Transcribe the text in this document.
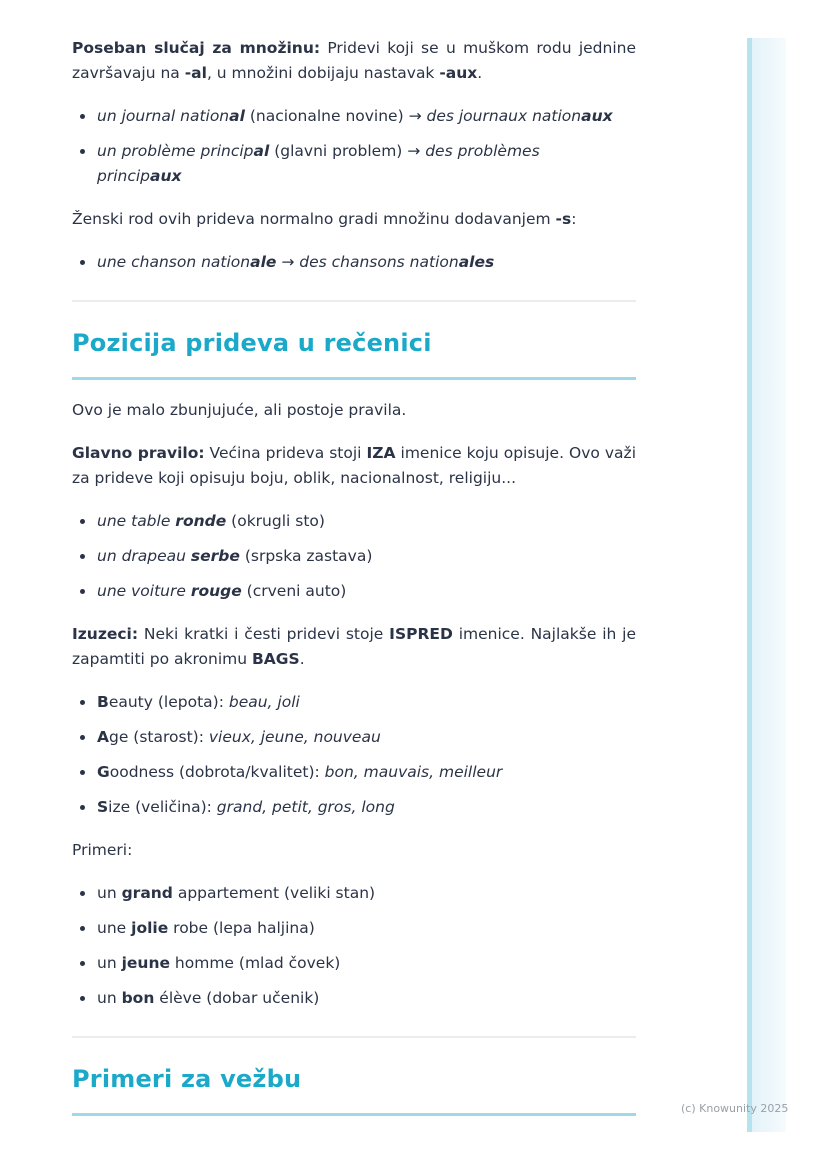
Poseban slučaj za množinu: Pridevi koji se u muškom rodu jednine završavaju na -al, u množini dobijaju nastavak -aux.

un journal national (nacionalne novine) → des journaux nationaux
un problème principal (glavni problem) → des problèmes
principaux

Ženski rod ovih prideva normalno gradi množinu dodavanjem -s:

une chanson nationale → des chansons nationales
Pozicija prideva u rečenici

Ovo je malo zbunjujuće, ali postoje pravila.

Glavno pravilo: Većina prideva stoji IZA imenice koju opisuje. Ovo važi za prideve koji opisuju boju, oblik, nacionalnost, religiju...

une table ronde (okrugli sto)
un drapeau serbe (srpska zastava)
une voiture rouge (crveni auto)

Izuzeci: Neki kratki i česti pridevi stoje ISPRED imenice. Najlakše ih je zapamtiti po akronimu BAGS.

Beauty (lepota): beau, joli
Age (starost): vieux, jeune, nouveau
Goodness (dobrota/kvalitet): bon, mauvais, meilleur
Size (veličina): grand, petit, gros, long

Primeri:

un grand appartement (veliki stan)
une jolie robe (lepa haljina)
un jeune homme (mlad čovek)
un bon élève (dobar učenik)
Primeri za vežbu
(c) Knowunity 2025
